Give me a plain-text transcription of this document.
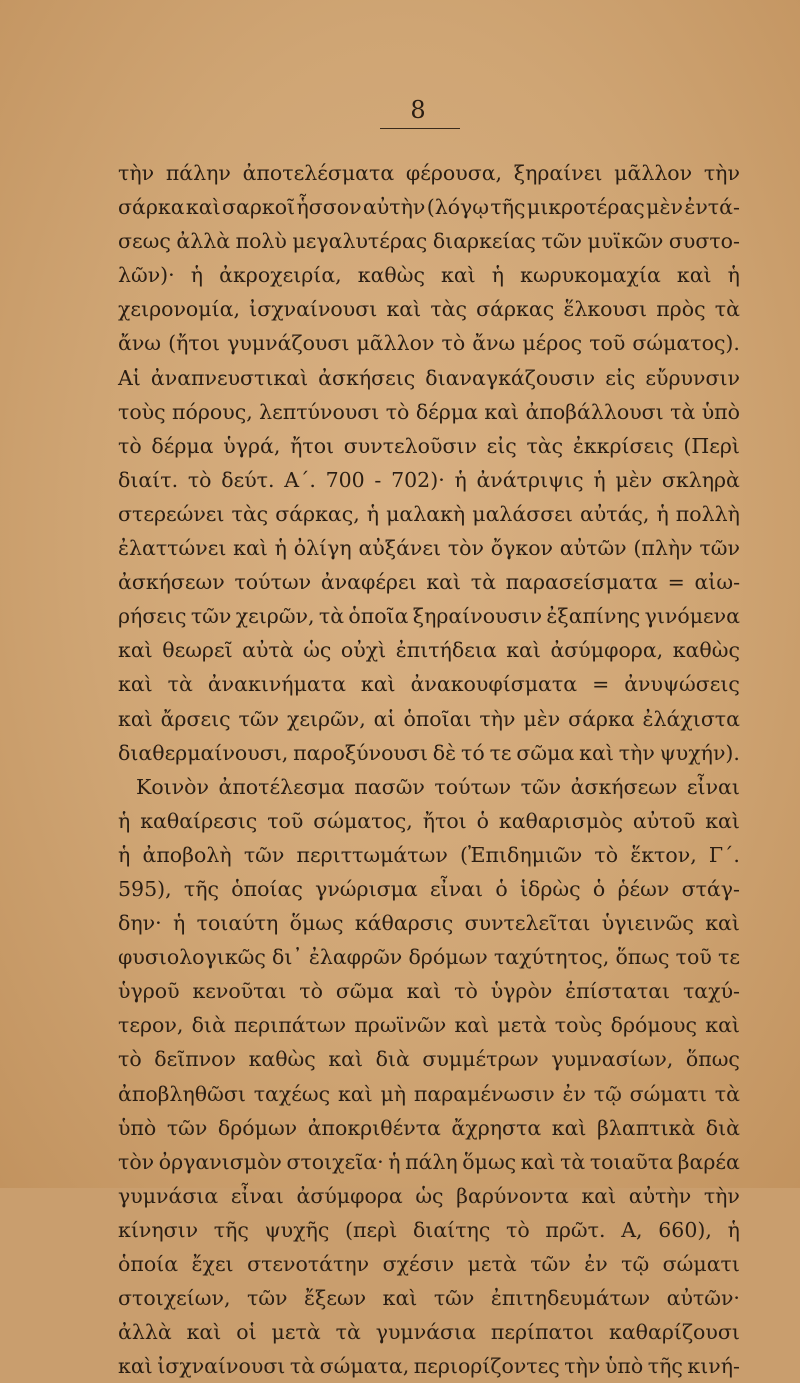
8
τὴν πάλην ἀποτελέσματα φέρουσα, ξηραίνει μᾶλλον τὴν
σάρκα καὶ σαρκοῖ ἧσσον αὐτὴν (λόγῳ τῆς μικροτέρας μὲν ἐντά-
σεως ἀλλὰ πολὺ μεγαλυτέρας διαρκείας τῶν μυϊκῶν συστο-
λῶν)· ἡ ἀκροχειρία, καθὼς καὶ ἡ κωρυκομαχία καὶ ἡ
χειρονομία, ἰσχναίνουσι καὶ τὰς σάρκας ἕλκουσι πρὸς τὰ
ἄνω (ἤτοι γυμνάζουσι μᾶλλον τὸ ἄνω μέρος τοῦ σώματος).
Αἱ ἀναπνευστικαὶ ἀσκήσεις διαναγκάζουσιν εἰς εὔρυνσιν
τοὺς πόρους, λεπτύνουσι τὸ δέρμα καὶ ἀποβάλλουσι τὰ ὑπὸ
τὸ δέρμα ὑγρά, ἤτοι συντελοῦσιν εἰς τὰς ἐκκρίσεις (Περὶ
διαίτ. τὸ δεύτ. Α΄. 700 - 702)· ἡ ἀνάτριψις ἡ μὲν σκληρὰ
στερεώνει τὰς σάρκας, ἡ μαλακὴ μαλάσσει αὐτάς, ἡ πολλὴ
ἐλαττώνει καὶ ἡ ὀλίγη αὐξάνει τὸν ὄγκον αὐτῶν (πλὴν τῶν
ἀσκήσεων τούτων ἀναφέρει καὶ τὰ παρασείσματα = αἰω-
ρήσεις τῶν χειρῶν, τὰ ὁποῖα ξηραίνουσιν ἐξαπίνης γινόμενα
καὶ θεωρεῖ αὐτὰ ὡς οὐχὶ ἐπιτήδεια καὶ ἀσύμφορα, καθὼς
καὶ τὰ ἀνακινήματα καὶ ἀνακουφίσματα = ἀνυψώσεις
καὶ ἄρσεις τῶν χειρῶν, αἱ ὁποῖαι τὴν μὲν σάρκα ἐλάχιστα
διαθερμαίνουσι, παροξύνουσι δὲ τό τε σῶμα καὶ τὴν ψυχήν).
Κοινὸν ἀποτέλεσμα πασῶν τούτων τῶν ἀσκήσεων εἶναι
ἡ καθαίρεσις τοῦ σώματος, ἤτοι ὁ καθαρισμὸς αὐτοῦ καὶ
ἡ ἀποβολὴ τῶν περιττωμάτων (Ἐπιδημιῶν τὸ ἕκτον, Γ΄.
595), τῆς ὁποίας γνώρισμα εἶναι ὁ ἱδρὼς ὁ ῥέων στάγ-
δην· ἡ τοιαύτη ὅμως κάθαρσις συντελεῖται ὑγιεινῶς καὶ
φυσιολογικῶς δι᾽ ἐλαφρῶν δρόμων ταχύτητος, ὅπως τοῦ τε
ὑγροῦ κενοῦται τὸ σῶμα καὶ τὸ ὑγρὸν ἐπίσταται ταχύ-
τερον, διὰ περιπάτων πρωϊνῶν καὶ μετὰ τοὺς δρόμους καὶ
τὸ δεῖπνον καθὼς καὶ διὰ συμμέτρων γυμνασίων, ὅπως
ἀποβληθῶσι ταχέως καὶ μὴ παραμένωσιν ἐν τῷ σώματι τὰ
ὑπὸ τῶν δρόμων ἀποκριθέντα ἄχρηστα καὶ βλαπτικὰ διὰ
τὸν ὀργανισμὸν στοιχεῖα· ἡ πάλη ὅμως καὶ τὰ τοιαῦτα βαρέα
γυμνάσια εἶναι ἀσύμφορα ὡς βαρύνοντα καὶ αὐτὴν τὴν
κίνησιν τῆς ψυχῆς (περὶ διαίτης τὸ πρῶτ. Α, 660), ἡ
ὁποία ἔχει στενοτάτην σχέσιν μετὰ τῶν ἐν τῷ σώματι
στοιχείων, τῶν ἔξεων καὶ τῶν ἐπιτηδευμάτων αὐτῶν·
ἀλλὰ καὶ οἱ μετὰ τὰ γυμνάσια περίπατοι καθαρίζουσι
καὶ ἰσχναίνουσι τὰ σώματα, περιορίζοντες τὴν ὑπὸ τῆς κινή-
